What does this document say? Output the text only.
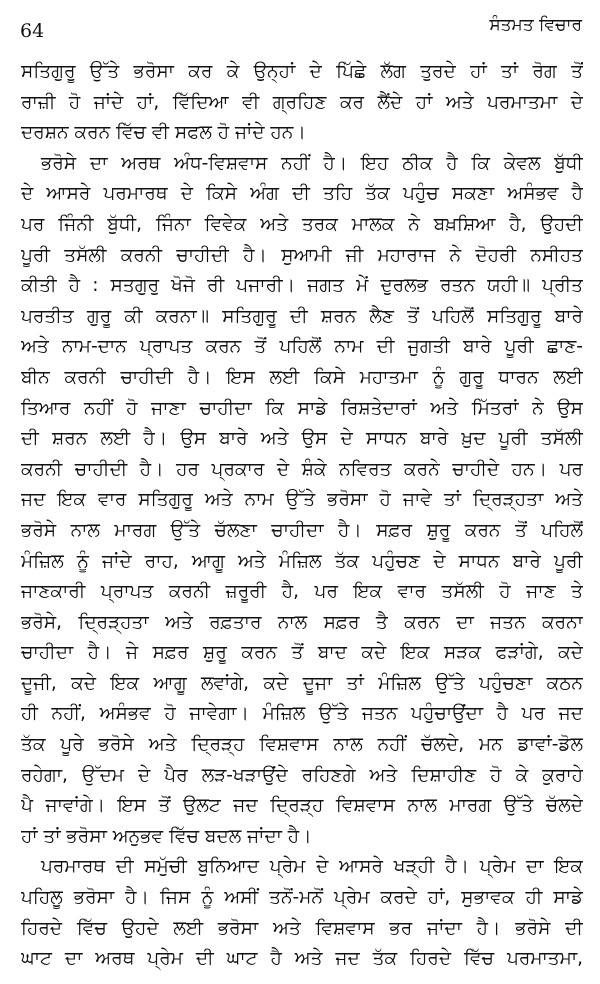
64	ਸੰਤਮਤ ਵਿਚਾਰ
ਸਤਿਗੁਰੂ ਉੱਤੇ ਭਰੋਸਾ ਕਰ ਕੇ ਉਨ੍ਹਾਂ ਦੇ ਪਿੱਛੇ ਲੱਗ ਤੁਰਦੇ ਹਾਂ ਤਾਂ ਰੋਗ ਤੋਂ
ਰਾਜ਼ੀ ਹੋ ਜਾਂਦੇ ਹਾਂ, ਵਿੱਦਿਆ ਵੀ ਗ੍ਰਹਿਣ ਕਰ ਲੈਂਦੇ ਹਾਂ ਅਤੇ ਪਰਮਾਤਮਾ ਦੇ
ਦਰਸ਼ਨ ਕਰਨ ਵਿੱਚ ਵੀ ਸਫਲ ਹੋ ਜਾਂਦੇ ਹਨ।
ਭਰੋਸੇ ਦਾ ਅਰਥ ਅੰਧ-ਵਿਸ਼ਵਾਸ ਨਹੀਂ ਹੈ। ਇਹ ਠੀਕ ਹੈ ਕਿ ਕੇਵਲ ਬੁੱਧੀ
ਦੇ ਆਸਰੇ ਪਰਮਾਰਥ ਦੇ ਕਿਸੇ ਅੰਗ ਦੀ ਤਹਿ ਤੱਕ ਪਹੁੰਚ ਸਕਣਾ ਅਸੰਭਵ ਹੈ
ਪਰ ਜਿੰਨੀ ਬੁੱਧੀ, ਜਿੰਨਾ ਵਿਵੇਕ ਅਤੇ ਤਰਕ ਮਾਲਕ ਨੇ ਬਖ਼ਸ਼ਿਆ ਹੈ, ਉਹਦੀ
ਪੂਰੀ ਤਸੱਲੀ ਕਰਨੀ ਚਾਹੀਦੀ ਹੈ। ਸੁਆਮੀ ਜੀ ਮਹਾਰਾਜ ਨੇ ਦੋਹਰੀ ਨਸੀਹਤ
ਕੀਤੀ ਹੈ : ਸਤਗੁਰੁ ਖੋਜੋ ਰੀ ਪਜਾਰੀ। ਜਗਤ ਮੇਂ ਦੁਰਲਭ ਰਤਨ ਯਹੀ॥ ਪ੍ਰੀਤ
ਪਰਤੀਤ ਗੁਰੂ ਕੀ ਕਰਨਾ॥ ਸਤਿਗੁਰੂ ਦੀ ਸ਼ਰਨ ਲੈਣ ਤੋਂ ਪਹਿਲੋਂ ਸਤਿਗੁਰੂ ਬਾਰੇ
ਅਤੇ ਨਾਮ-ਦਾਨ ਪ੍ਰਾਪਤ ਕਰਨ ਤੋਂ ਪਹਿਲੋਂ ਨਾਮ ਦੀ ਜੁਗਤੀ ਬਾਰੇ ਪੂਰੀ ਛਾਣ-
ਬੀਨ ਕਰਨੀ ਚਾਹੀਦੀ ਹੈ। ਇਸ ਲਈ ਕਿਸੇ ਮਹਾਤਮਾ ਨੂੰ ਗੁਰੂ ਧਾਰਨ ਲਈ
ਤਿਆਰ ਨਹੀਂ ਹੋ ਜਾਣਾ ਚਾਹੀਦਾ ਕਿ ਸਾਡੇ ਰਿਸ਼ਤੇਦਾਰਾਂ ਅਤੇ ਮਿੱਤਰਾਂ ਨੇ ਉਸ
ਦੀ ਸ਼ਰਨ ਲਈ ਹੈ। ਉਸ ਬਾਰੇ ਅਤੇ ਉਸ ਦੇ ਸਾਧਨ ਬਾਰੇ ਖ਼ੁਦ ਪੂਰੀ ਤਸੱਲੀ
ਕਰਨੀ ਚਾਹੀਦੀ ਹੈ। ਹਰ ਪ੍ਰਕਾਰ ਦੇ ਸ਼ੰਕੇ ਨਵਿਰਤ ਕਰਨੇ ਚਾਹੀਦੇ ਹਨ। ਪਰ
ਜਦ ਇਕ ਵਾਰ ਸਤਿਗੁਰੂ ਅਤੇ ਨਾਮ ਉੱਤੇ ਭਰੋਸਾ ਹੋ ਜਾਵੇ ਤਾਂ ਦ੍ਰਿੜ੍ਹਤਾ ਅਤੇ
ਭਰੋਸੇ ਨਾਲ ਮਾਰਗ ਉੱਤੇ ਚੱਲਣਾ ਚਾਹੀਦਾ ਹੈ। ਸਫ਼ਰ ਸ਼ੁਰੂ ਕਰਨ ਤੋਂ ਪਹਿਲੋਂ
ਮੰਜ਼ਿਲ ਨੂੰ ਜਾਂਦੇ ਰਾਹ, ਆਗੂ ਅਤੇ ਮੰਜ਼ਿਲ ਤੱਕ ਪਹੁੰਚਣ ਦੇ ਸਾਧਨ ਬਾਰੇ ਪੂਰੀ
ਜਾਣਕਾਰੀ ਪ੍ਰਾਪਤ ਕਰਨੀ ਜ਼ਰੂਰੀ ਹੈ, ਪਰ ਇਕ ਵਾਰ ਤਸੱਲੀ ਹੋ ਜਾਣ ਤੇ
ਭਰੋਸੇ, ਦ੍ਰਿੜ੍ਹਤਾ ਅਤੇ ਰਫ਼ਤਾਰ ਨਾਲ ਸਫ਼ਰ ਤੈ ਕਰਨ ਦਾ ਜਤਨ ਕਰਨਾ
ਚਾਹੀਦਾ ਹੈ। ਜੇ ਸਫ਼ਰ ਸ਼ੁਰੂ ਕਰਨ ਤੋਂ ਬਾਦ ਕਦੇ ਇਕ ਸੜਕ ਫੜਾਂਗੇ, ਕਦੇ
ਦੂਜੀ, ਕਦੇ ਇਕ ਆਗੂ ਲਵਾਂਗੇ, ਕਦੇ ਦੂਜਾ ਤਾਂ ਮੰਜ਼ਿਲ ਉੱਤੇ ਪਹੁੰਚਣਾ ਕਠਨ
ਹੀ ਨਹੀਂ, ਅਸੰਭਵ ਹੋ ਜਾਵੇਗਾ। ਮੰਜ਼ਿਲ ਉੱਤੇ ਜਤਨ ਪਹੁੰਚਾਉਂਦਾ ਹੈ ਪਰ ਜਦ
ਤੱਕ ਪੂਰੇ ਭਰੋਸੇ ਅਤੇ ਦ੍ਰਿੜ੍ਹ ਵਿਸ਼ਵਾਸ ਨਾਲ ਨਹੀਂ ਚੱਲਦੇ, ਮਨ ਡਾਵਾਂ-ਡੋਲ
ਰਹੇਗਾ, ਉੱਦਮ ਦੇ ਪੈਰ ਲੜ-ਖੜਾਉਂਦੇ ਰਹਿਣਗੇ ਅਤੇ ਦਿਸ਼ਾਹੀਣ ਹੋ ਕੇ ਕੁਰਾਹੇ
ਪੈ ਜਾਵਾਂਗੇ। ਇਸ ਤੋਂ ਉਲਟ ਜਦ ਦ੍ਰਿੜ੍ਹ ਵਿਸ਼ਵਾਸ ਨਾਲ ਮਾਰਗ ਉੱਤੇ ਚੱਲਦੇ
ਹਾਂ ਤਾਂ ਭਰੋਸਾ ਅਨੁਭਵ ਵਿੱਚ ਬਦਲ ਜਾਂਦਾ ਹੈ।
ਪਰਮਾਰਥ ਦੀ ਸਮੁੱਚੀ ਬੁਨਿਆਦ ਪ੍ਰੇਮ ਦੇ ਆਸਰੇ ਖੜ੍ਹੀ ਹੈ। ਪ੍ਰੇਮ ਦਾ ਇਕ
ਪਹਿਲੂ ਭਰੋਸਾ ਹੈ। ਜਿਸ ਨੂੰ ਅਸੀਂ ਤਨੋਂ-ਮਨੋਂ ਪ੍ਰੇਮ ਕਰਦੇ ਹਾਂ, ਸੁਭਾਵਕ ਹੀ ਸਾਡੇ
ਹਿਰਦੇ ਵਿੱਚ ਉਹਦੇ ਲਈ ਭਰੋਸਾ ਅਤੇ ਵਿਸ਼ਵਾਸ ਭਰ ਜਾਂਦਾ ਹੈ। ਭਰੋਸੇ ਦੀ
ਘਾਟ ਦਾ ਅਰਥ ਪ੍ਰੇਮ ਦੀ ਘਾਟ ਹੈ ਅਤੇ ਜਦ ਤੱਕ ਹਿਰਦੇ ਵਿੱਚ ਪਰਮਾਤਮਾ,
